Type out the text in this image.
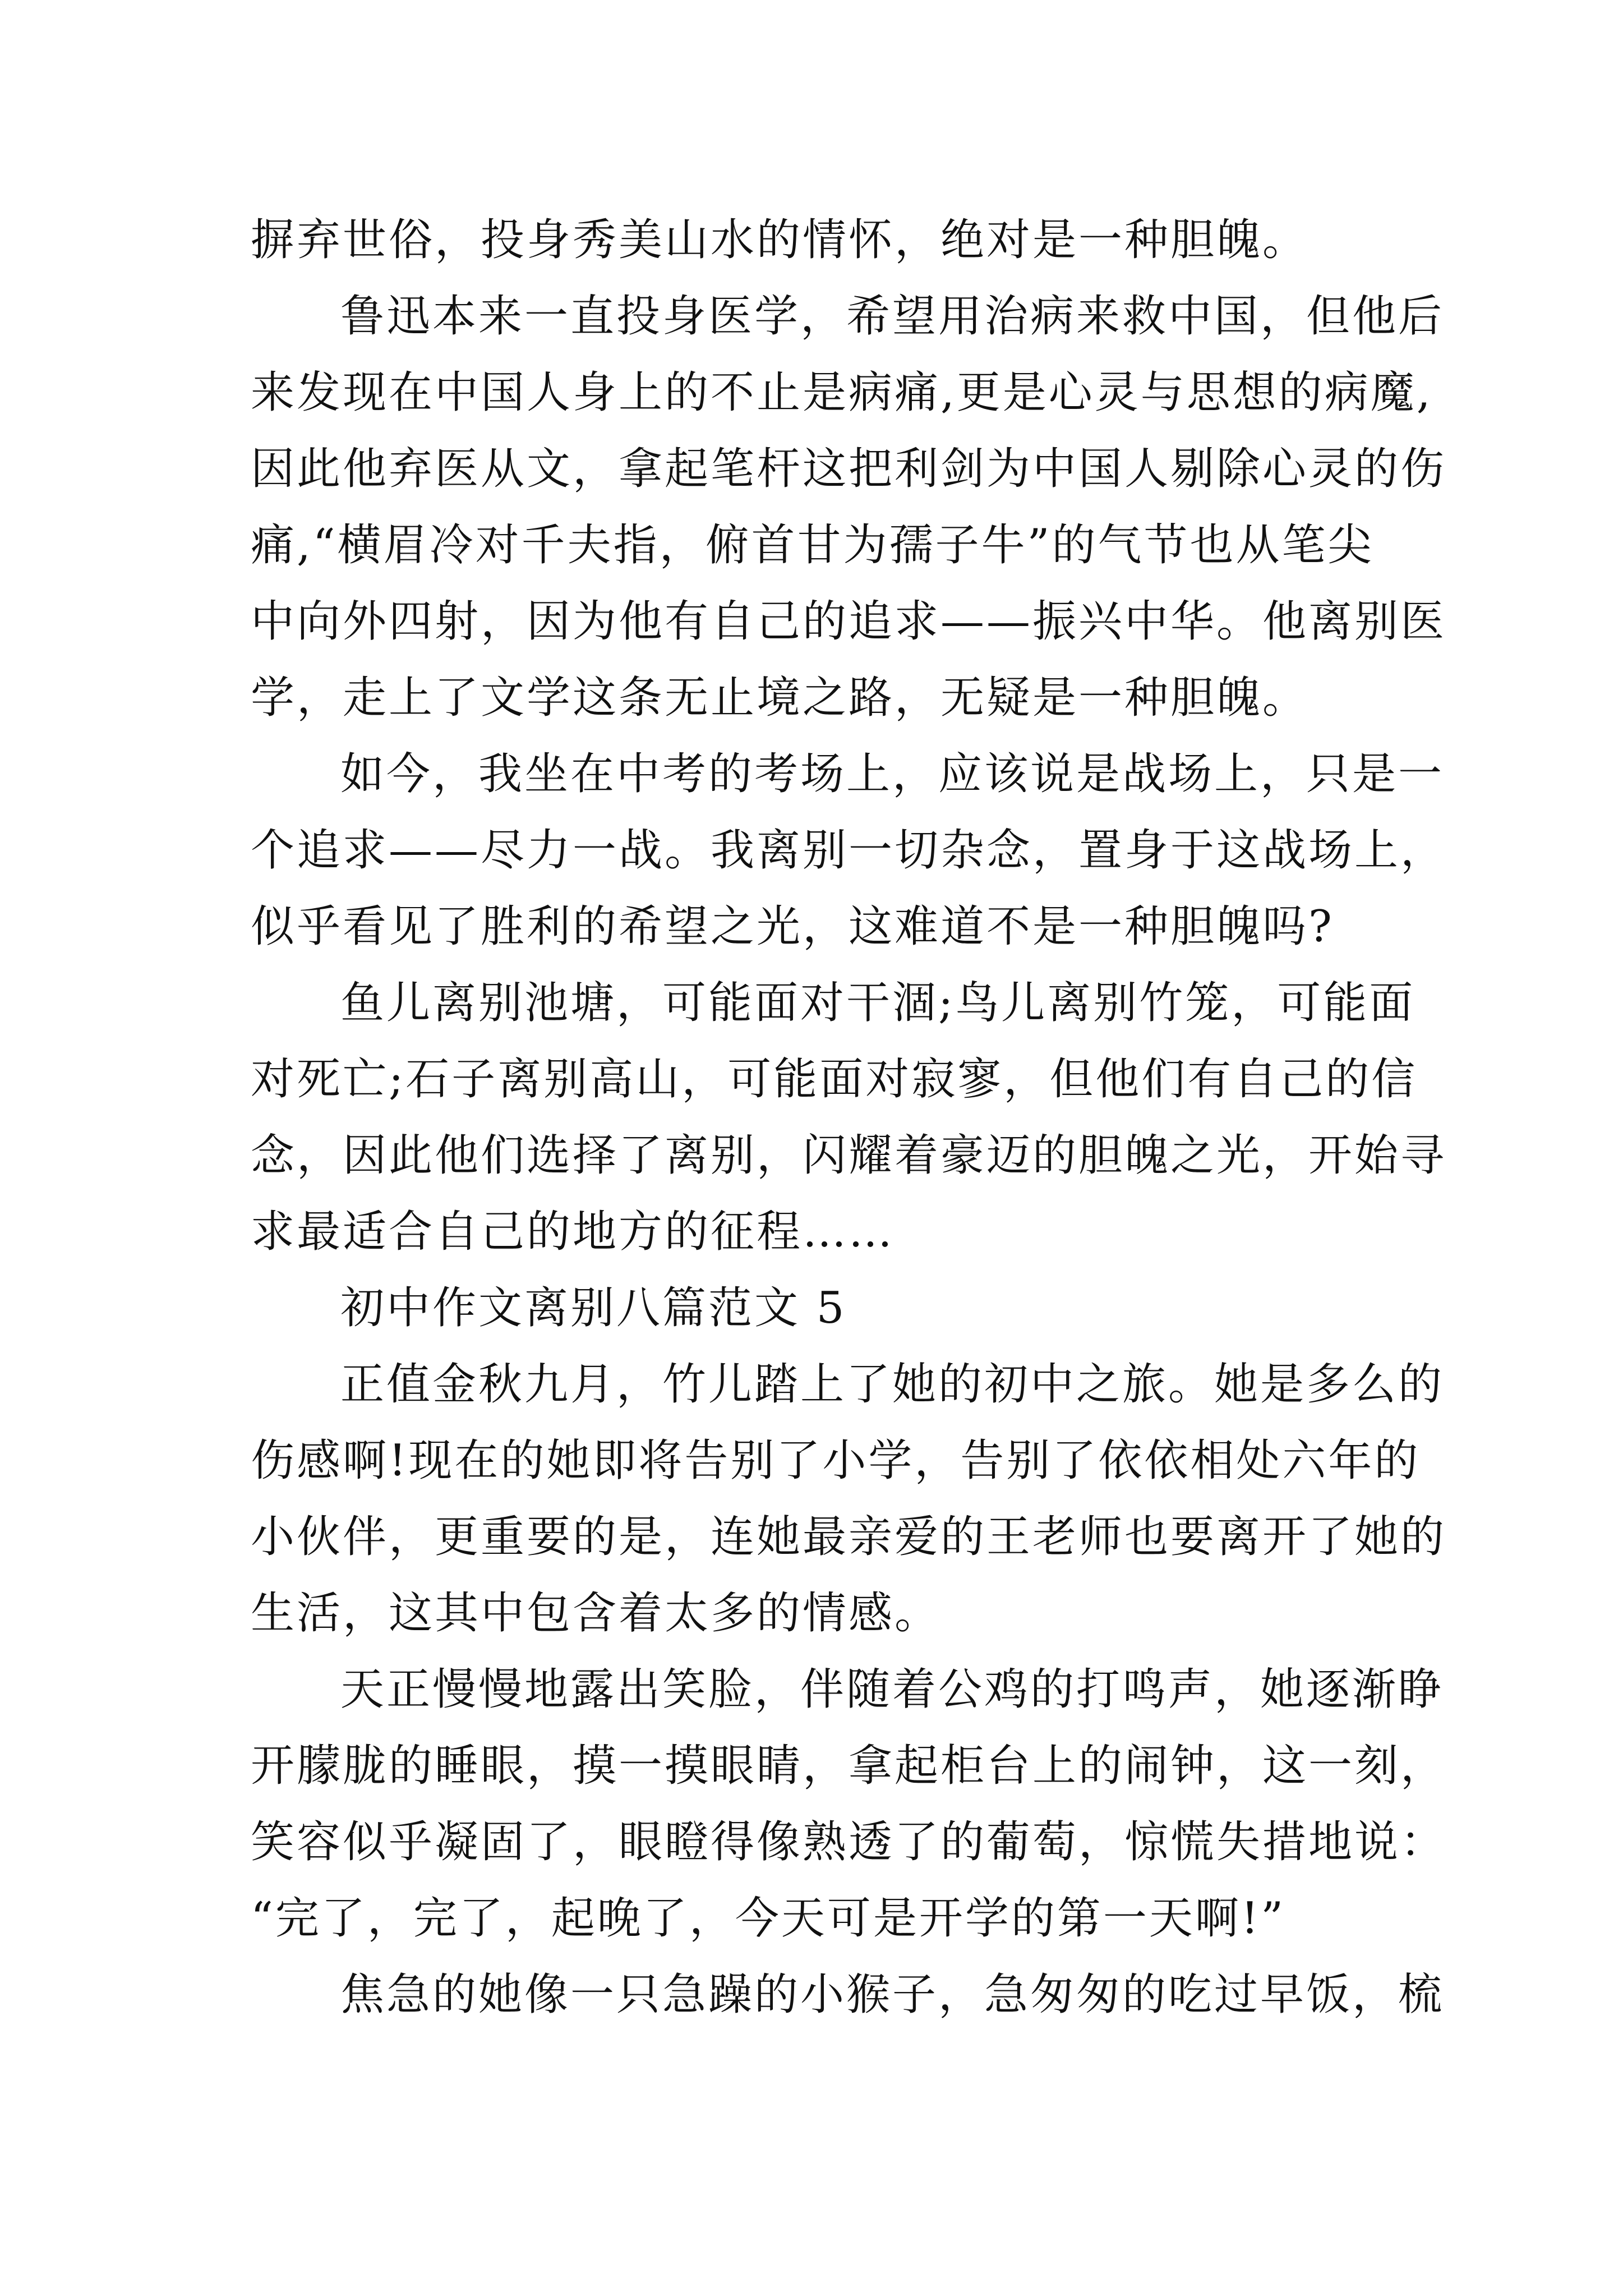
摒弃世俗，投身秀美山水的情怀，绝对是一种胆魄。
鲁迅本来一直投身医学，希望用治病来救中国，但他后
来发现在中国人身上的不止是病痛,更是心灵与思想的病魔,
因此他弃医从文，拿起笔杆这把利剑为中国人剔除心灵的伤
痛,“横眉冷对千夫指，俯首甘为孺子牛”的气节也从笔尖
中向外四射，因为他有自己的追求——振兴中华。他离别医
学，走上了文学这条无止境之路，无疑是一种胆魄。
如今，我坐在中考的考场上，应该说是战场上，只是一
个追求——尽力一战。我离别一切杂念，置身于这战场上，
似乎看见了胜利的希望之光，这难道不是一种胆魄吗?
鱼儿离别池塘，可能面对干涸;鸟儿离别竹笼，可能面
对死亡;石子离别高山，可能面对寂寥，但他们有自己的信
念，因此他们选择了离别，闪耀着豪迈的胆魄之光，开始寻
求最适合自己的地方的征程……
初中作文离别八篇范文 5
正值金秋九月，竹儿踏上了她的初中之旅。她是多么的
伤感啊!现在的她即将告别了小学，告别了依依相处六年的
小伙伴，更重要的是，连她最亲爱的王老师也要离开了她的
生活，这其中包含着太多的情感。
天正慢慢地露出笑脸，伴随着公鸡的打鸣声，她逐渐睁
开朦胧的睡眼，摸一摸眼睛，拿起柜台上的闹钟，这一刻，
笑容似乎凝固了，眼瞪得像熟透了的葡萄，惊慌失措地说：
“完了，完了，起晚了，今天可是开学的第一天啊!”
焦急的她像一只急躁的小猴子，急匆匆的吃过早饭，梳
